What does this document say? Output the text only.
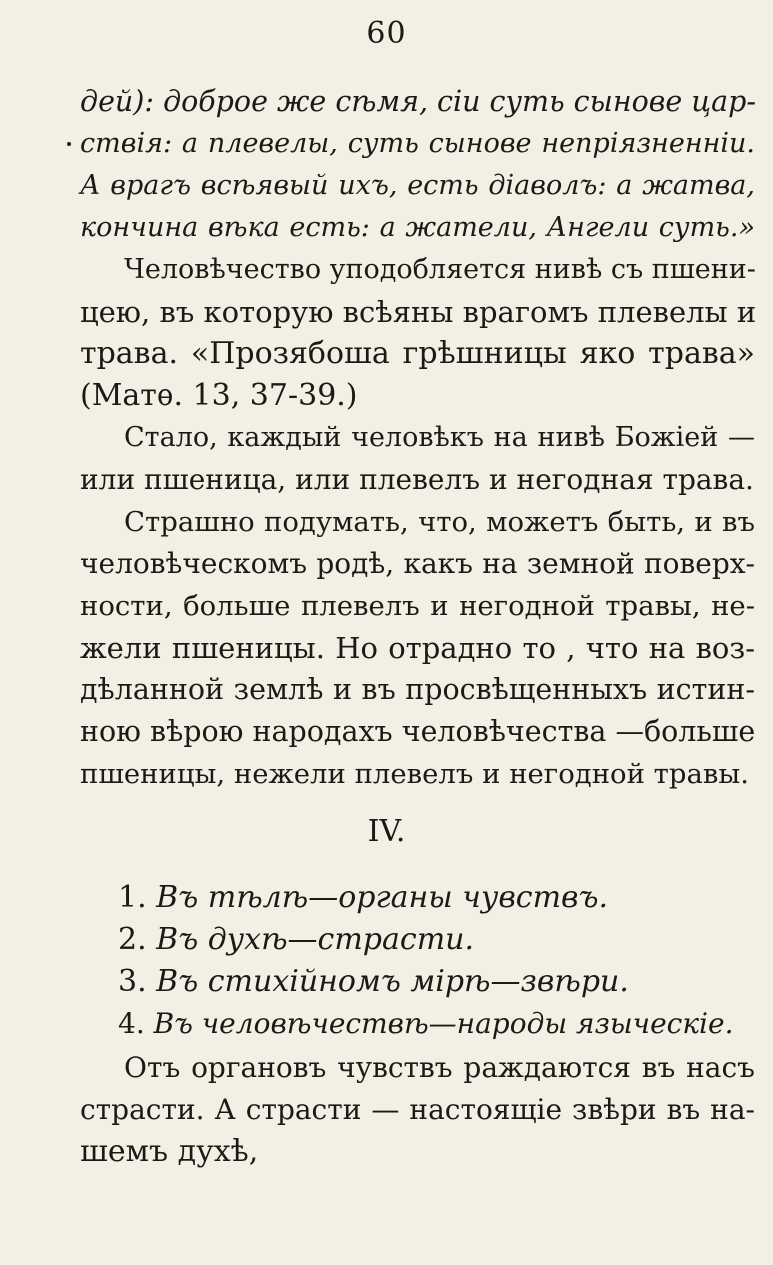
60
дей): доброе же сѣмя, сіи суть сынове цар-
ствія: а плевелы, суть сынове непріязненніи.
А врагъ всѣявый ихъ, есть діаволъ: а жатва,
кончина вѣка есть: а жатели, Ангели суть.»
Человѣчество уподобляется нивѣ съ пшени-
цею, въ которую всѣяны врагомъ плевелы и
трава. «Прозябоша грѣшницы яко трава»
(Матѳ. 13, 37-39.)
Стало, каждый человѣкъ на нивѣ Божіей —
или пшеница, или плевелъ и негодная трава.
Страшно подумать, что, можетъ быть, и въ
человѣческомъ родѣ, какъ на земной поверх-
ности, больше плевелъ и негодной травы, не-
жели пшеницы. Но отрадно то , что на воз-
дѣланной землѣ и въ просвѣщенныхъ истин-
ною вѣрою народахъ человѣчества —больше
пшеницы, нежели плевелъ и негодной травы.
IV.
1. Въ тѣлѣ—органы чувствъ.
2. Въ духѣ—страсти.
3. Въ стихійномъ мірѣ—звѣри.
4. Въ человѣчествѣ—народы языческіе.
Отъ органовъ чувствъ раждаются въ насъ
страсти. А страсти — настоящіе звѣри въ на-
шемъ духѣ,
